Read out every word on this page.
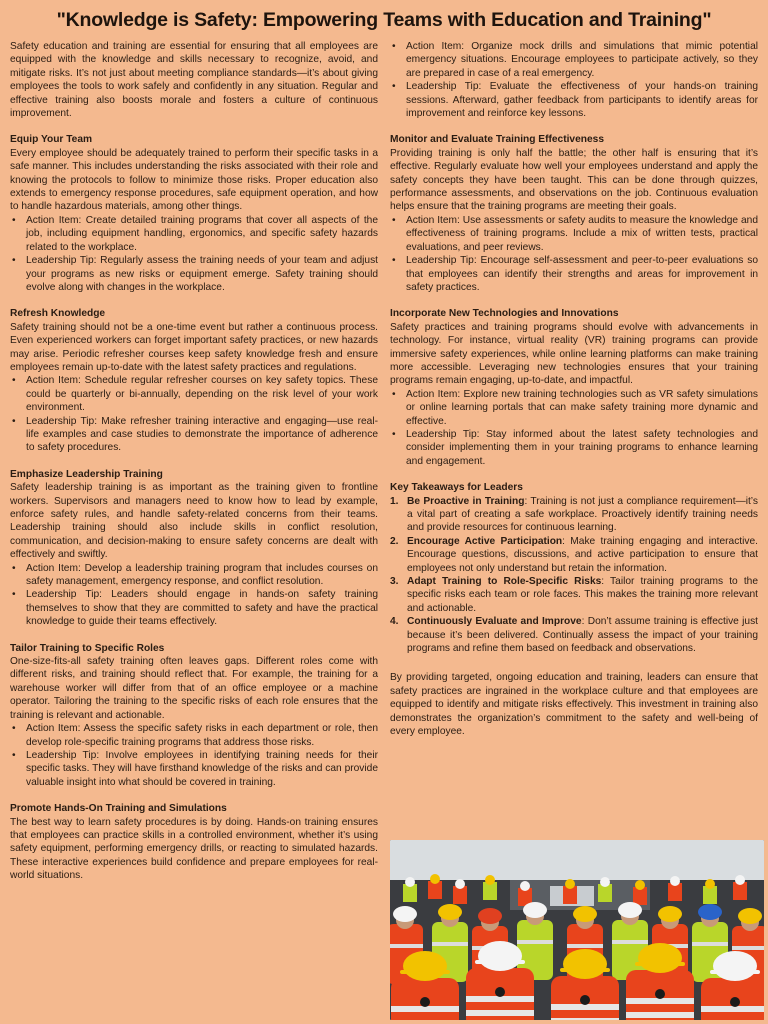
"Knowledge is Safety: Empowering Teams with Education and Training"

Safety education and training are essential for ensuring that all employees are equipped with the knowledge and skills necessary to recognize, avoid, and mitigate risks. It’s not just about meeting compliance standards—it’s about giving employees the tools to work safely and confidently in any situation. Regular and effective training also boosts morale and fosters a culture of continuous improvement.

Equip Your Team

Every employee should be adequately trained to perform their specific tasks in a safe manner. This includes understanding the risks associated with their role and knowing the protocols to follow to minimize those risks. Proper education also extends to emergency response procedures, safe equipment operation, and how to handle hazardous materials, among other things.

• Action Item: Create detailed training programs that cover all aspects of the job, including equipment handling, ergonomics, and specific safety hazards related to the workplace.
• Leadership Tip: Regularly assess the training needs of your team and adjust your programs as new risks or equipment emerge. Safety training should evolve along with changes in the workplace.
Refresh Knowledge

Safety training should not be a one-time event but rather a continuous process. Even experienced workers can forget important safety practices, or new hazards may arise. Periodic refresher courses keep safety knowledge fresh and ensure employees remain up-to-date with the latest safety practices and regulations.

• Action Item: Schedule regular refresher courses on key safety topics. These could be quarterly or bi-annually, depending on the risk level of your work environment.
• Leadership Tip: Make refresher training interactive and engaging—use real-life examples and case studies to demonstrate the importance of adherence to safety procedures.
Emphasize Leadership Training

Safety leadership training is as important as the training given to frontline workers. Supervisors and managers need to know how to lead by example, enforce safety rules, and handle safety-related concerns from their teams. Leadership training should also include skills in conflict resolution, communication, and decision-making to ensure safety concerns are dealt with effectively and swiftly.

• Action Item: Develop a leadership training program that includes courses on safety management, emergency response, and conflict resolution.
• Leadership Tip: Leaders should engage in hands-on safety training themselves to show that they are committed to safety and have the practical knowledge to guide their teams effectively.
Tailor Training to Specific Roles

One-size-fits-all safety training often leaves gaps. Different roles come with different risks, and training should reflect that. For example, the training for a warehouse worker will differ from that of an office employee or a machine operator. Tailoring the training to the specific risks of each role ensures that the training is relevant and actionable.

• Action Item: Assess the specific safety risks in each department or role, then develop role-specific training programs that address those risks.
• Leadership Tip: Involve employees in identifying training needs for their specific tasks. They will have firsthand knowledge of the risks and can provide valuable insight into what should be covered in training.
Promote Hands-On Training and Simulations

The best way to learn safety procedures is by doing. Hands-on training ensures that employees can practice skills in a controlled environment, whether it’s using safety equipment, performing emergency drills, or reacting to simulated hazards. These interactive experiences build confidence and prepare employees for real-world situations.

• Action Item: Organize mock drills and simulations that mimic potential emergency situations. Encourage employees to participate actively, so they are prepared in case of a real emergency.
• Leadership Tip: Evaluate the effectiveness of your hands-on training sessions. Afterward, gather feedback from participants to identify areas for improvement and reinforce key lessons.
Monitor and Evaluate Training Effectiveness

Providing training is only half the battle; the other half is ensuring that it’s effective. Regularly evaluate how well your employees understand and apply the safety concepts they have been taught. This can be done through quizzes, performance assessments, and observations on the job. Continuous evaluation helps ensure that the training programs are meeting their goals.

• Action Item: Use assessments or safety audits to measure the knowledge and effectiveness of training programs. Include a mix of written tests, practical evaluations, and peer reviews.
• Leadership Tip: Encourage self-assessment and peer-to-peer evaluations so that employees can identify their strengths and areas for improvement in safety practices.
Incorporate New Technologies and Innovations

Safety practices and training programs should evolve with advancements in technology. For instance, virtual reality (VR) training programs can provide immersive safety experiences, while online learning platforms can make training more accessible. Leveraging new technologies ensures that your training programs remain engaging, up-to-date, and impactful.

• Action Item: Explore new training technologies such as VR safety simulations or online learning portals that can make safety training more dynamic and effective.
• Leadership Tip: Stay informed about the latest safety technologies and consider implementing them in your training programs to enhance learning and engagement.
Key Takeaways for Leaders
1. Be Proactive in Training: Training is not just a compliance requirement—it’s a vital part of creating a safe workplace. Proactively identify training needs and provide resources for continuous learning.
2. Encourage Active Participation: Make training engaging and interactive. Encourage questions, discussions, and active participation to ensure that employees not only understand but retain the information.
3. Adapt Training to Role-Specific Risks: Tailor training programs to the specific risks each team or role faces. This makes the training more relevant and actionable.
4. Continuously Evaluate and Improve: Don’t assume training is effective just because it’s been delivered. Continually assess the impact of your training programs and refine them based on feedback and observations.

By providing targeted, ongoing education and training, leaders can ensure that safety practices are ingrained in the workplace culture and that employees are equipped to identify and mitigate risks effectively. This investment in training also demonstrates the organization’s commitment to the safety and well-being of every employee.
